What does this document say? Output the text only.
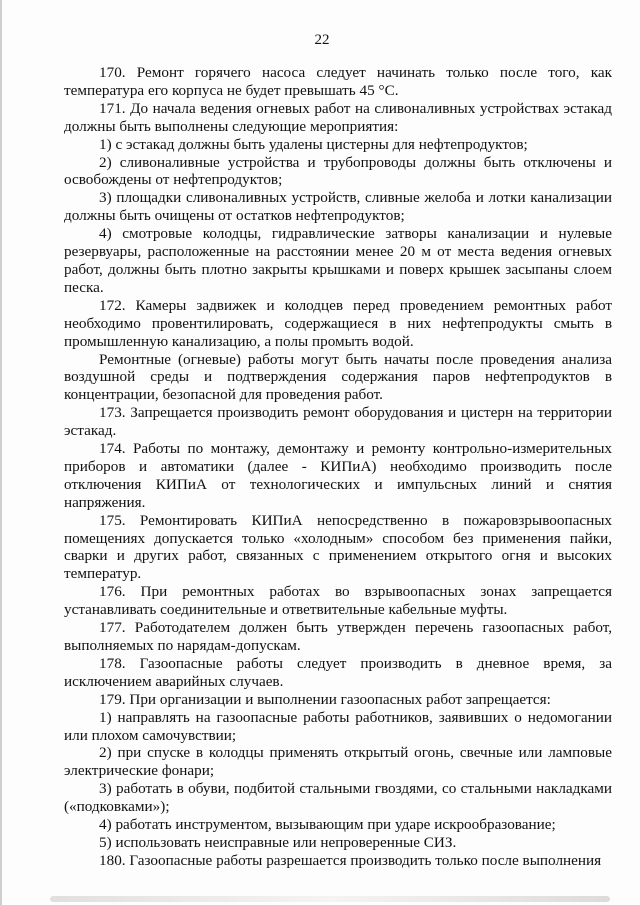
22

170. Ремонт горячего насоса следует начинать только после того, как температура его корпуса не будет превышать 45 °С.

171. До начала ведения огневых работ на сливоналивных устройствах эстакад должны быть выполнены следующие мероприятия:

1) с эстакад должны быть удалены цистерны для нефтепродуктов;

2) сливоналивные устройства и трубопроводы должны быть отключены и освобождены от нефтепродуктов;

3) площадки сливоналивных устройств, сливные желоба и лотки канализации должны быть очищены от остатков нефтепродуктов;

4) смотровые колодцы, гидравлические затворы канализации и нулевые резервуары, расположенные на расстоянии менее 20 м от места ведения огневых работ, должны быть плотно закрыты крышками и поверх крышек засыпаны слоем песка.

172. Камеры задвижек и колодцев перед проведением ремонтных работ необходимо провентилировать, содержащиеся в них нефтепродукты смыть в промышленную канализацию, а полы промыть водой.

Ремонтные (огневые) работы могут быть начаты после проведения анализа воздушной среды и подтверждения содержания паров нефтепродуктов в концентрации, безопасной для проведения работ.

173. Запрещается производить ремонт оборудования и цистерн на территории эстакад.

174. Работы по монтажу, демонтажу и ремонту контрольно-измерительных приборов и автоматики (далее - КИПиА) необходимо производить после отключения КИПиА от технологических и импульсных линий и снятия напряжения.

175. Ремонтировать КИПиА непосредственно в пожаровзрывоопасных помещениях допускается только «холодным» способом без применения пайки, сварки и других работ, связанных с применением открытого огня и высоких температур.

176. При ремонтных работах во взрывоопасных зонах запрещается устанавливать соединительные и ответвительные кабельные муфты.

177. Работодателем должен быть утвержден перечень газоопасных работ, выполняемых по нарядам-допускам.

178. Газоопасные работы следует производить в дневное время, за исключением аварийных случаев.

179. При организации и выполнении газоопасных работ запрещается:

1) направлять на газоопасные работы работников, заявивших о недомогании или плохом самочувствии;

2) при спуске в колодцы применять открытый огонь, свечные или ламповые электрические фонари;

3) работать в обуви, подбитой стальными гвоздями, со стальными накладками («подковками»);

4) работать инструментом, вызывающим при ударе искрообразование;

5) использовать неисправные или непроверенные СИЗ.

180. Газоопасные работы разрешается производить только после выполнения
